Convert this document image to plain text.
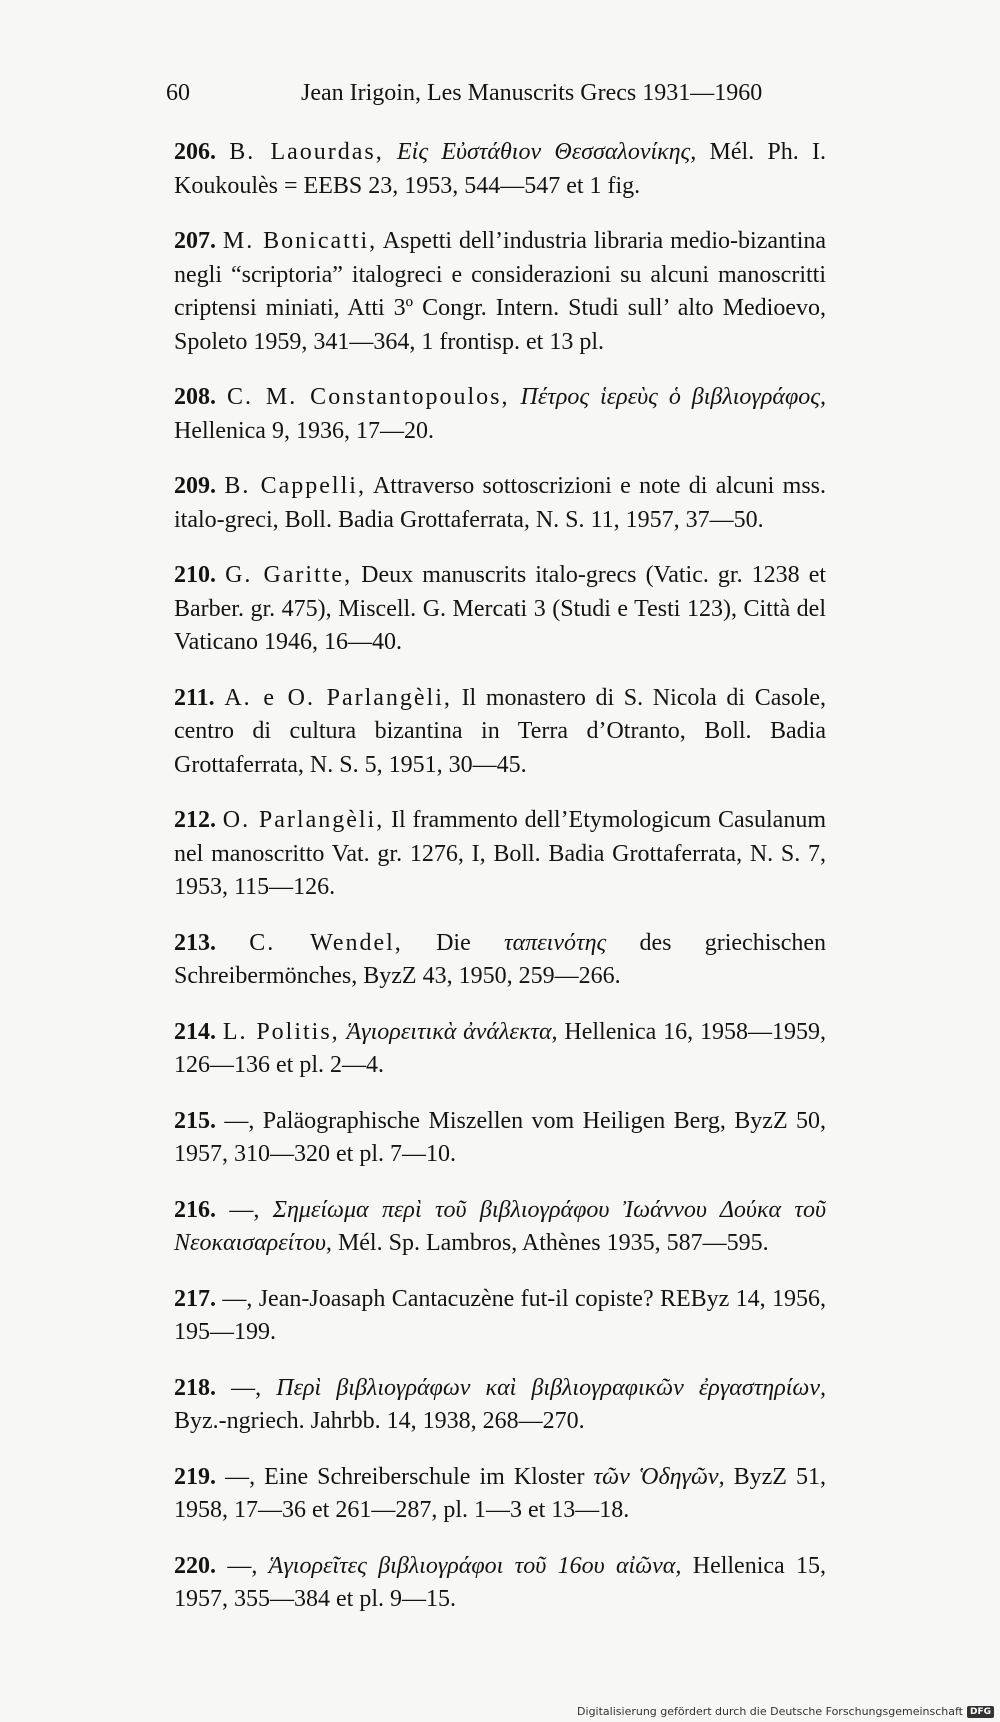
60	Jean Irigoin, Les Manuscrits Grecs 1931—1960
206. B. Laourdas, Εἰς Εὐστάθιον Θεσσαλονίκης, Mél. Ph. I. Koukoulès = EEBS 23, 1953, 544—547 et 1 fig.
207. M. Bonicatti, Aspetti dell’industria libraria medio-bizantina negli “scriptoria” italogreci e considerazioni su alcuni manoscritti criptensi miniati, Atti 3º Congr. Intern. Studi sull’ alto Medioevo, Spoleto 1959, 341—364, 1 frontisp. et 13 pl.
208. C. M. Constantopoulos, Πέτρος ἱερεὺς ὁ βιβλιογράφος, Hellenica 9, 1936, 17—20.
209. B. Cappelli, Attraverso sottoscrizioni e note di alcuni mss. italo-greci, Boll. Badia Grottaferrata, N. S. 11, 1957, 37—50.
210. G. Garitte, Deux manuscrits italo-grecs (Vatic. gr. 1238 et Barber. gr. 475), Miscell. G. Mercati 3 (Studi e Testi 123), Città del Vaticano 1946, 16—40.
211. A. e O. Parlangèli, Il monastero di S. Nicola di Casole, centro di cultura bizantina in Terra d’Otranto, Boll. Badia Grottaferrata, N. S. 5, 1951, 30—45.
212. O. Parlangèli, Il frammento dell’Etymologicum Casulanum nel manoscritto Vat. gr. 1276, I, Boll. Badia Grottaferrata, N. S. 7, 1953, 115—126.
213. C. Wendel, Die ταπεινότης des griechischen Schreibermönches, ByzZ 43, 1950, 259—266.
214. L. Politis, Ἁγιορειτικὰ ἀνάλεκτα, Hellenica 16, 1958—1959, 126—136 et pl. 2—4.
215. —, Paläographische Miszellen vom Heiligen Berg, ByzZ 50, 1957, 310—320 et pl. 7—10.
216. —, Σημείωμα περὶ τοῦ βιβλιογράφου Ἰωάννου Δούκα τοῦ Νεοκαισαρείτου, Mél. Sp. Lambros, Athènes 1935, 587—595.
217. —, Jean-Joasaph Cantacuzène fut-il copiste? REByz 14, 1956, 195—199.
218. —, Περὶ βιβλιογράφων καὶ βιβλιογραφικῶν ἐργαστηρίων, Byz.-ngriech. Jahrbb. 14, 1938, 268—270.
219. —, Eine Schreiberschule im Kloster τῶν Ὁδηγῶν, ByzZ 51, 1958, 17—36 et 261—287, pl. 1—3 et 13—18.
220. —, Ἁγιορεῖτες βιβλιογράφοι τοῦ 16ου αἰῶνα, Hellenica 15, 1957, 355—384 et pl. 9—15.
Digitalisierung gefördert durch die Deutsche Forschungsgemeinschaft DFG
